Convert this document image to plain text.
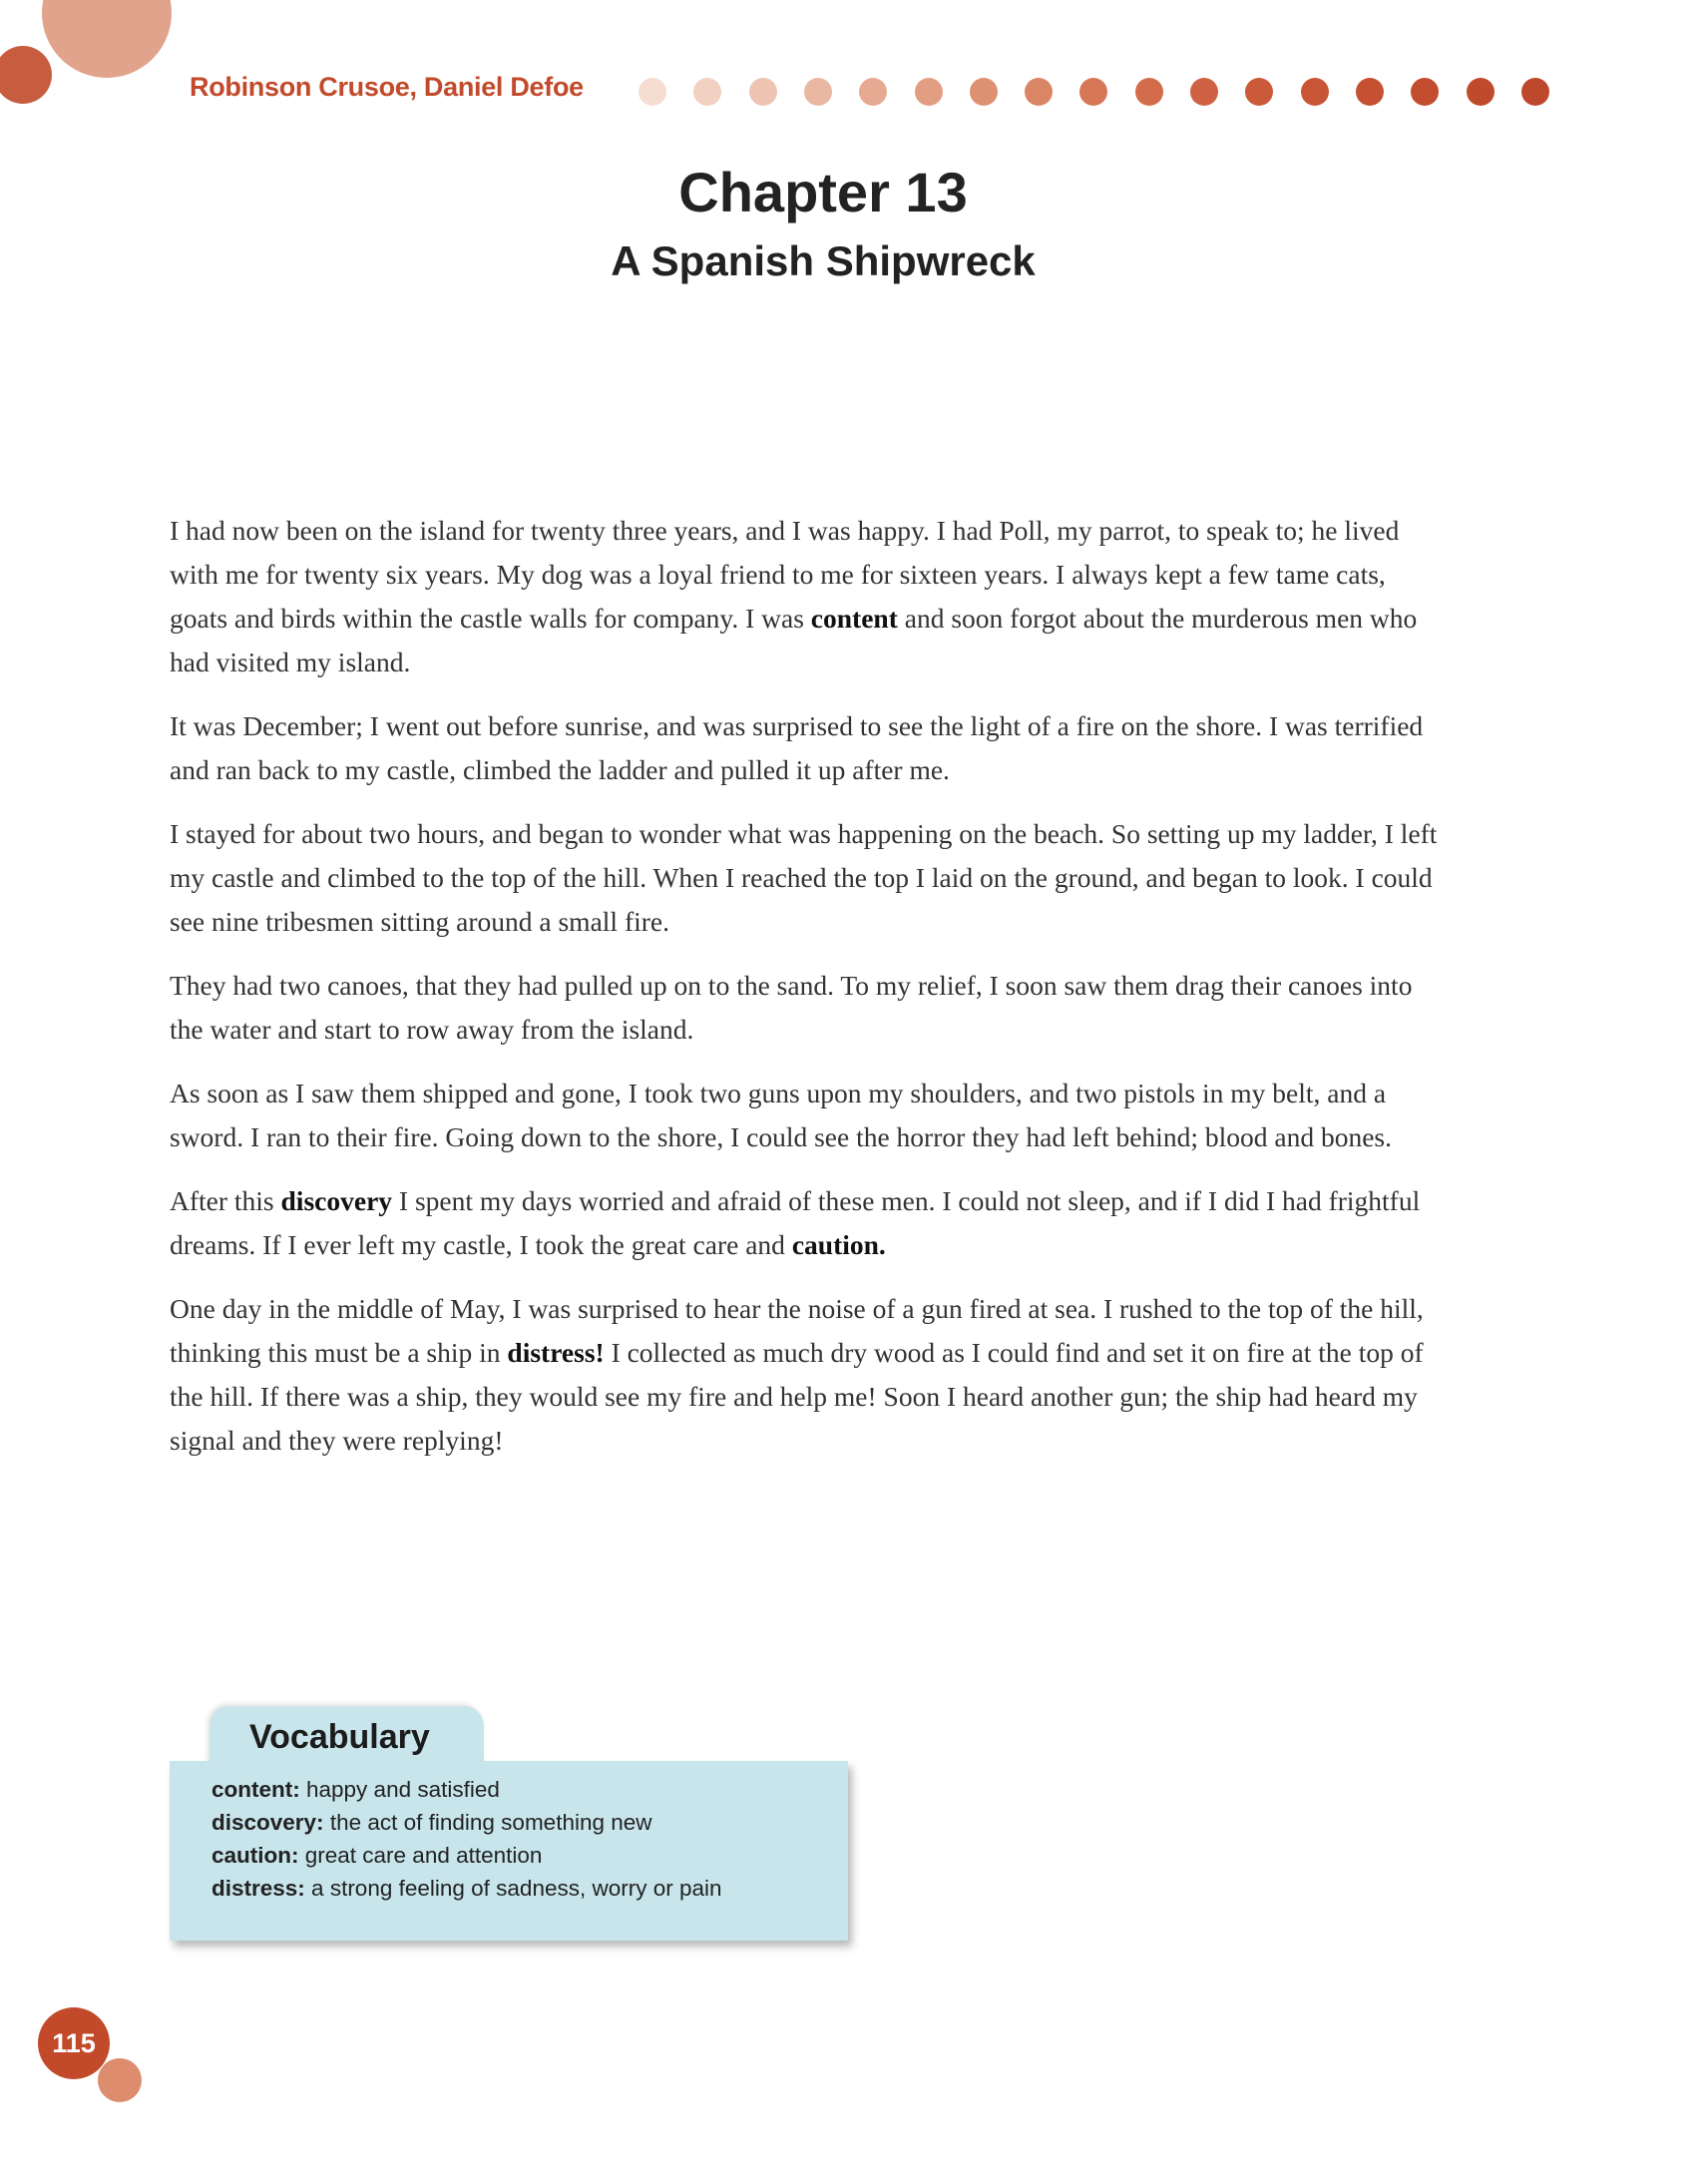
Robinson Crusoe, Daniel Defoe
Chapter 13
A Spanish Shipwreck

I had now been on the island for twenty three years, and I was happy. I had Poll, my parrot, to speak to; he lived with me for twenty six years. My dog was a loyal friend to me for sixteen years. I always kept a few tame cats, goats and birds within the castle walls for company. I was content and soon forgot about the murderous men who had visited my island.

It was December; I went out before sunrise, and was surprised to see the light of a fire on the shore. I was terrified and ran back to my castle, climbed the ladder and pulled it up after me.

I stayed for about two hours, and began to wonder what was happening on the beach. So setting up my ladder, I left my castle and climbed to the top of the hill. When I reached the top I laid on the ground, and began to look. I could see nine tribesmen sitting around a small fire.

They had two canoes, that they had pulled up on to the sand. To my relief, I soon saw them drag their canoes into the water and start to row away from the island.

As soon as I saw them shipped and gone, I took two guns upon my shoulders, and two pistols in my belt, and a sword. I ran to their fire. Going down to the shore, I could see the horror they had left behind; blood and bones.

After this discovery I spent my days worried and afraid of these men. I could not sleep, and if I did I had frightful dreams. If I ever left my castle, I took the great care and caution.

One day in the middle of May, I was surprised to hear the noise of a gun fired at sea. I rushed to the top of the hill, thinking this must be a ship in distress! I collected as much dry wood as I could find and set it on fire at the top of the hill. If there was a ship, they would see my fire and help me! Soon I heard another gun; the ship had heard my signal and they were replying!

Vocabulary
content: happy and satisfied
discovery: the act of finding something new
caution: great care and attention
distress: a strong feeling of sadness, worry or pain
115
